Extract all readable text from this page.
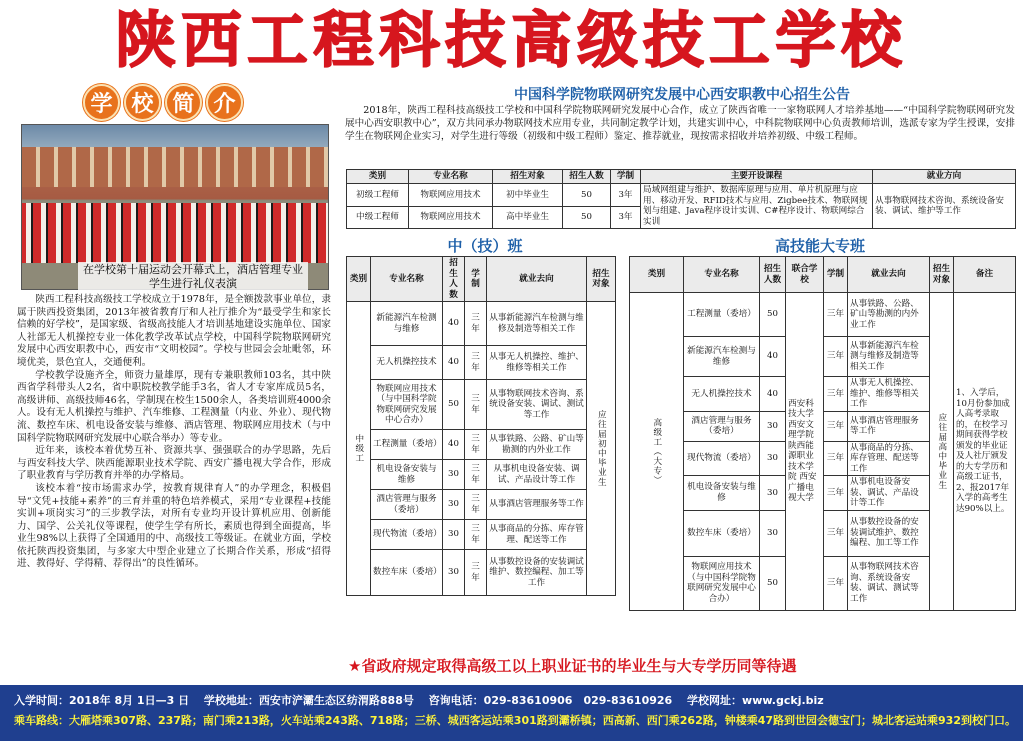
陕西工程科技高级技工学校
学 校 简 介
在学校第十届运动会开幕式上，酒店管理专业学生进行礼仪表演

陕西工程科技高级技工学校成立于1978年，是全额拨款事业单位，隶属于陕西投资集团，2013年被省教育厅和人社厅推介为“最受学生和家长信赖的好学校”，是国家级、省级高技能人才培训基地建设实施单位、国家人社部无人机操控专业一体化教学改革试点学校，中国科学院物联网研究发展中心西安职教中心，西安市“文明校园”。学校与世园会会址毗邻，环境优美，景色宜人，交通便利。

学校教学设施齐全，师资力量雄厚，现有专兼职教师103名，其中陕西省学科带头人2名，省中职院校教学能手3名，省人才专家库成员5名，高级讲师、高级技师46名，学制现在校生1500余人，各类培训班4000余人。设有无人机操控与维护、汽车维修、工程测量（内业、外业）、现代物流、数控车床、机电设备安装与维修、酒店管理、物联网应用技术（与中国科学院物联网研究发展中心联合举办）等专业。

近年来，该校本着优势互补、资源共享、强强联合的办学思路，先后与西安科技大学、陕西能源职业技术学院、西安广播电视大学合作，形成了职业教育与学历教育并举的办学格局。

该校本着“按市场需求办学，按教育规律育人”的办学理念，积极倡导“文凭+技能+素养”的三育并重的特色培养模式，采用“专业课程+技能实训+项岗实习”的三步教学法，对所有专业均开设计算机应用、创新能力、国学、公关礼仪等课程，使学生学有所长，素质也得到全面提高，毕业生98%以上获得了全国通用的中、高级技工等级证。在就业方面，学校依托陕西投资集团，与多家大中型企业建立了长期合作关系，形成“招得进、教得好、学得精、荐得出”的良性循环。

中国科学院物联网研究发展中心西安职教中心招生公告
2018年，陕西工程科技高级技工学校和中国科学院物联网研究发展中心合作，成立了陕西省唯一一家物联网人才培养基地——“中国科学院物联网研究发展中心西安职教中心”，双方共同承办物联网技术应用专业，共同制定教学计划，共建实训中心，中科院物联网中心负责教师培训，选派专家为学生授课，安排学生在物联网企业实习，对学生进行等级（初级和中级工程师）鉴定、推荐就业，现按需求招收并培养初级、中级工程师。
类别	专业名称	招生对象	招生人数	学制	主要开设课程	就业方向
初级工程师	物联网应用技术	初中毕业生	50	3年	局域网组建与维护、数据库原理与应用、单片机原理与应用、移动开发、RFID技术与应用、Zigbee技术、物联网规划与组建、Java程序设计实训、C#程序设计、物联网综合实训	从事物联网技术咨询、系统设备安装、调试、维护等工作
中级工程师	物联网应用技术	高中毕业生	50	3年		
中（技）班	高技能大专班
类别	专业名称	招生人数	学制	就业去向	招生对象

中级工	新能源汽车检测与维修	40	三年	从事新能源汽车检测与维修及制造等相关工作	应往届初中毕业生

	无人机操控技术	40	三年	从事无人机操控、维护、维修等相关工作	
	物联网应用技术（与中国科学院物联网研究发展中心合办）	50	三年	从事物联网技术咨询、系统设备安装、调试、测试等工作	
	工程测量（委培）	40	三年	从事铁路、公路、矿山等勘测的内外业工作	
	机电设备安装与维修	30	三年	从事机电设备安装、调试、产品设计等工作	
	酒店管理与服务（委培）	30	三年	从事酒店管理服务等工作	
	现代物流（委培）	30	三年	从事商品的分拣、库存管理、配送等工作	
	数控车床（委培）	30	三年	从事数控设备的安装调试维护、数控编程、加工等工作	
类别	专业名称	招生人数	联合学校	学制	就业去向	招生对象	备注

高级工（大专）	工程测量（委培）	50	西安科技大学 西安文理学院 陕西能源职业技术学院 西安广播电视大学	三年	从事铁路、公路、矿山等勘测的内外业工作	应往届高中毕业生	1、入学后，10月份参加成人高考录取的，在校学习期间获得学校颁发的毕业证及人社厅颁发的大专学历和高级工证书，2、报2017年入学的高考生达90%以上。
	新能源汽车检测与维修	40		三年	从事新能源汽车检测与维修及制造等相关工作		
	无人机操控技术	40		三年	从事无人机操控、维护、维修等相关工作		
	酒店管理与服务（委培）	30		三年	从事酒店管理服务等工作		
	现代物流（委培）	30		三年	从事商品的分拣、库存管理、配送等工作		
	机电设备安装与维修	30		三年	从事机电设备安装、调试、产品设计等工作		
	数控车床（委培）	30		三年	从事数控设备的安装调试维护、数控编程、加工等工作		
	物联网应用技术（与中国科学院物联网研究发展中心合办）	50		三年	从事物联网技术咨询、系统设备安装、调试、测试等工作		
★省政府规定取得高级工以上职业证书的毕业生与大专学历同等待遇
入学时间：2018年 8月 1日—3 日　 学校地址：西安市浐灞生态区纺渭路888号　 咨询电话：029-83610906　029-83610926　 学校网址：www.gckj.biz
乘车路线：大雁塔乘307路、237路；南门乘213路，火车站乘243路、718路；三桥、城西客运站乘301路到灞桥镇；西高新、西门乘262路，钟楼乘47路到世园会德宝门；城北客运站乘932到校门口。
